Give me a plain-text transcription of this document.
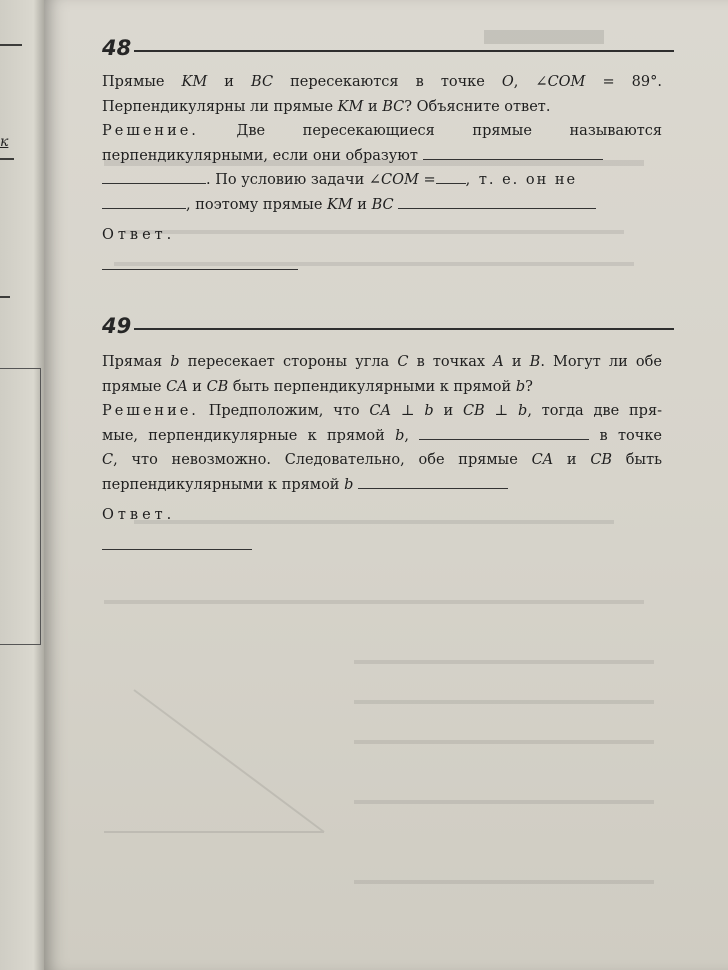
к
48

Прямые KM и BC пересекаются в точке O, ∠COM = 89°.

Перпендикулярны ли прямые KM и BC? Объясните ответ.

Решение. Две пересекающиеся прямые называются

перпендикулярными, если они образуют

. По условию задачи ∠COM = , т. е. он не

, поэтому прямые KM и BC

Ответ.
49

Прямая b пересекает стороны угла C в точках A и B. Могут ли обе

прямые CA и CB быть перпендикулярными к прямой b?

Решение. Предположим, что CA ⊥ b и CB ⊥ b, тогда две пря-

мые, перпендикулярные к прямой b,	в точке

C, что невозможно. Следовательно, обе прямые CA и CB быть

перпендикулярными к прямой b

Ответ.
